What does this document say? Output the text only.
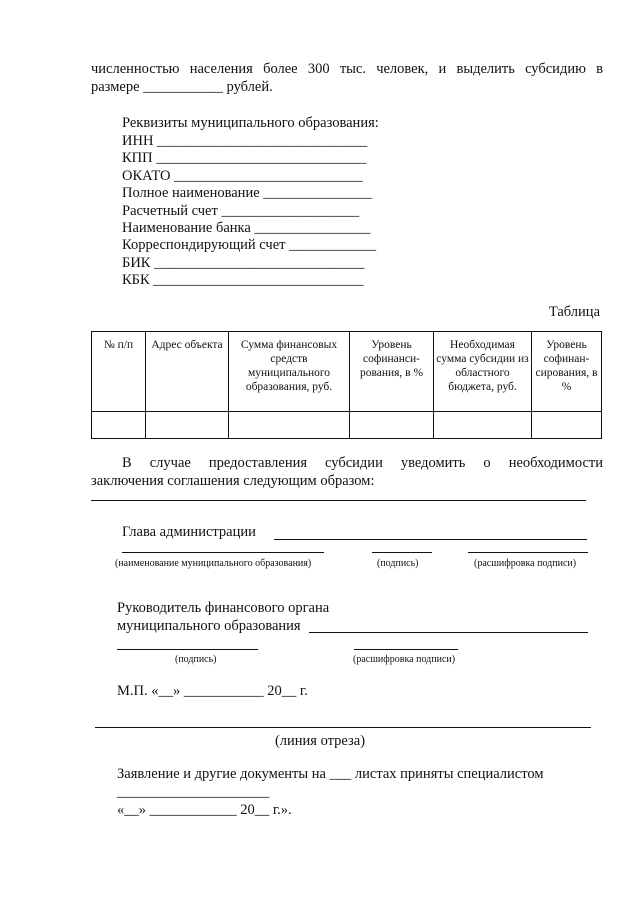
численностью населения более 300 тыс. человек, и выделить субсидию в
размере ___________ рублей.
Реквизиты муниципального образования:
ИНН _____________________________
КПП _____________________________
ОКАТО __________________________
Полное наименование _______________
Расчетный счет ___________________
Наименование банка ________________
Корреспондирующий счет ____________
БИК _____________________________
КБК _____________________________
Таблица
№ п/п	Адрес объекта	Сумма финансовых средств муниципального образования, руб.	Уровень софинанси-рования, в %	Необходимая сумма субсидии из областного бюджета, руб.	Уровень софинан-сирования, в %

В случае предоставления субсидии уведомить о необходимости
заключения соглашения следующим образом:
Глава администрации
(наименование муниципального образования)	(подпись)	(расшифровка подписи)
Руководитель финансового органа
муниципального образования
(подпись)	(расшифровка подписи)
М.П. «__» ___________ 20__ г.
(линия отреза)
Заявление и другие документы на ___ листах приняты специалистом
_____________________
«__» ____________ 20__ г.».
